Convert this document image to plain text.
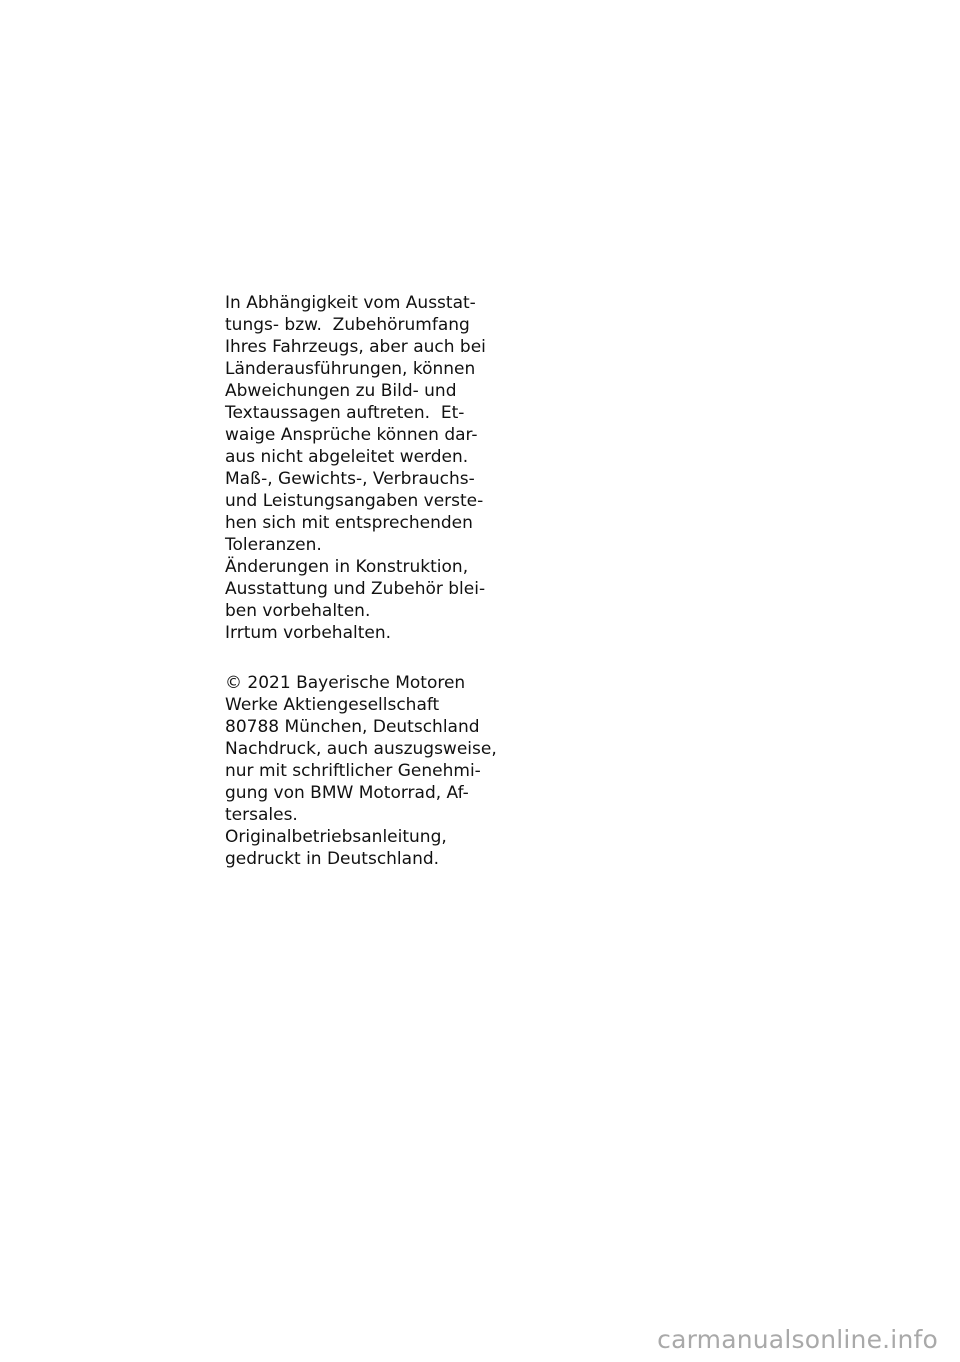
In Abhängigkeit vom Ausstat-
tungs- bzw.  Zubehörumfang
Ihres Fahrzeugs, aber auch bei
Länderausführungen, können
Abweichungen zu Bild- und
Textaussagen auftreten.  Et-
waige Ansprüche können dar-
aus nicht abgeleitet werden.
Maß-, Gewichts-, Verbrauchs-
und Leistungsangaben verste-
hen sich mit entsprechenden
Toleranzen.
Änderungen in Konstruktion,
Ausstattung und Zubehör blei-
ben vorbehalten.
Irrtum vorbehalten.
© 2021 Bayerische Motoren
Werke Aktiengesellschaft
80788 München, Deutschland
Nachdruck, auch auszugsweise,
nur mit schriftlicher Genehmi-
gung von BMW Motorrad, Af-
tersales.
Originalbetriebsanleitung,
gedruckt in Deutschland.
carmanualsonline.info
